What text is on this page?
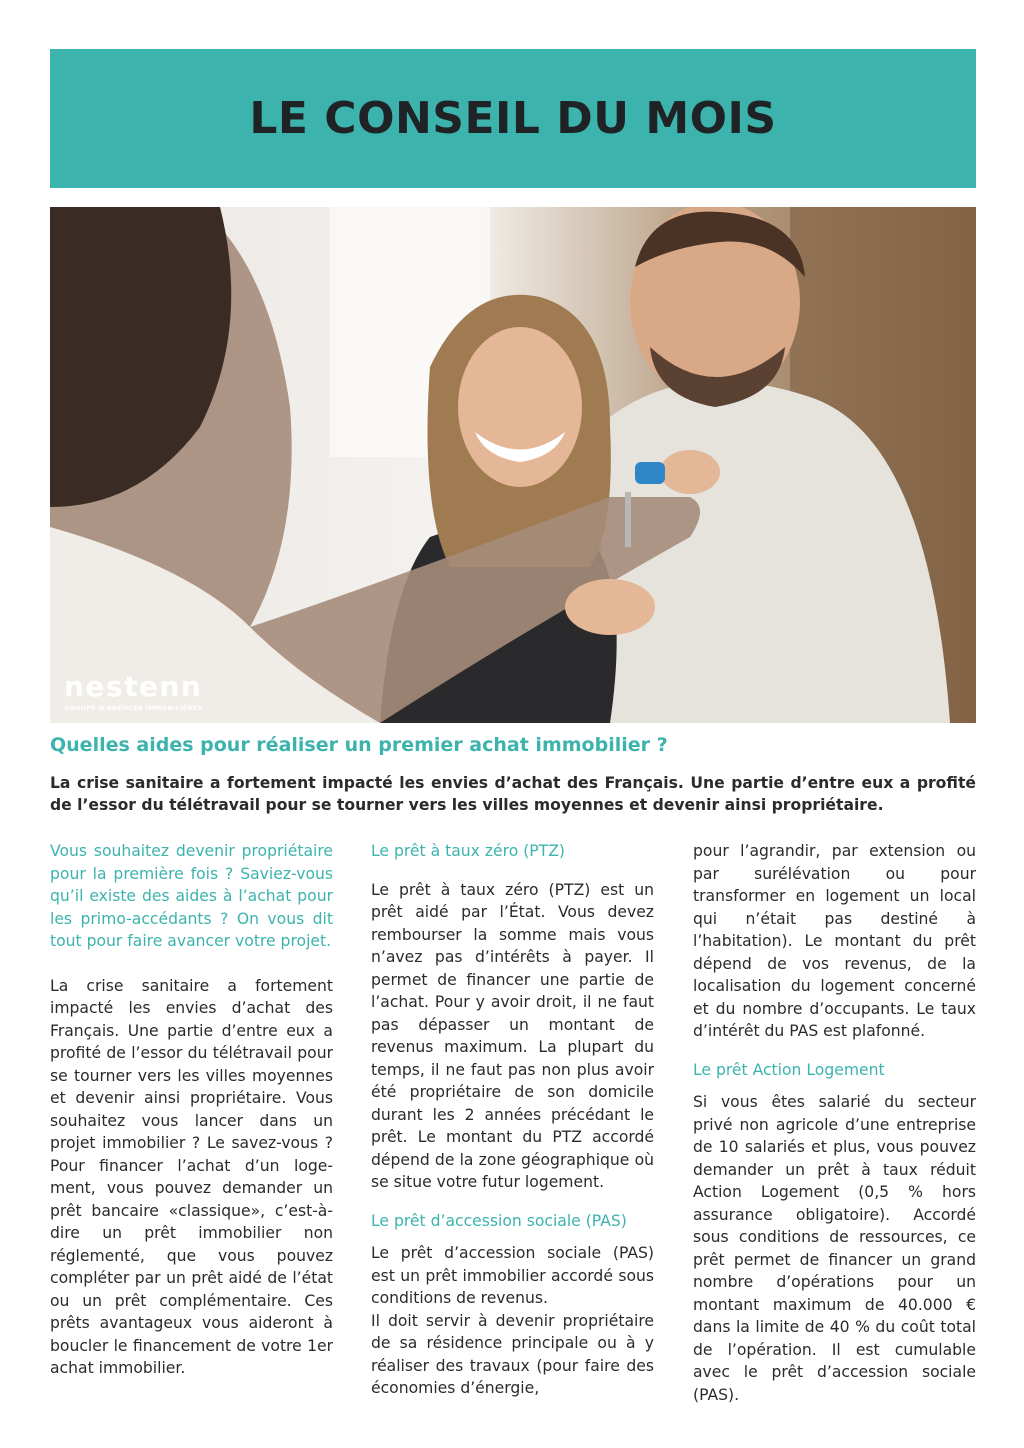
LE CONSEIL DU MOIS
nestenn
GROUPE D'AGENCES IMMOBILIÈRES
Quelles aides pour réaliser un premier achat immobilier ?

La crise sanitaire a fortement impacté les envies d’achat des Français. Une partie d’entre eux a profité de l’essor du télétravail pour se tourner vers les villes moyennes et devenir ainsi propriétaire.

Vous souhaitez devenir propriétaire pour la première fois ? Saviez-vous qu’il existe des aides à l’achat pour les primo-accédants ? On vous dit tout pour faire avancer votre projet.

La crise sanitaire a fortement impacté les envies d’achat des Français. Une partie d’entre eux a profité de l’essor du télétravail pour se tourner vers les villes moyennes et devenir ainsi propriétaire. Vous souhaitez vous lancer dans un projet immobilier ? Le savez-vous ? Pour financer l’achat d’un loge-ment, vous pouvez demander un prêt bancaire «classique», c’est-à-dire un prêt immobilier non réglementé, que vous pouvez compléter par un prêt aidé de l’état ou un prêt complémentaire. Ces prêts avantageux vous aideront à boucler le financement de votre 1er achat immobilier.

Le prêt à taux zéro (PTZ)

Le prêt à taux zéro (PTZ) est un prêt aidé par l’État. Vous devez rembourser la somme mais vous n’avez pas d’intérêts à payer. Il permet de financer une partie de l’achat. Pour y avoir droit, il ne faut pas dépasser un montant de revenus maximum. La plupart du temps, il ne faut pas non plus avoir été propriétaire de son domicile durant les 2 années précédant le prêt. Le montant du PTZ accordé dépend de la zone géographique où se situe votre futur logement.

Le prêt d’accession sociale (PAS)

Le prêt d’accession sociale (PAS) est un prêt immobilier accordé sous conditions de revenus.

Il doit servir à devenir propriétaire de sa résidence principale ou à y réaliser des travaux (pour faire des économies d’énergie,

pour l’agrandir, par extension ou par surélévation ou pour transformer en logement un local qui n’était pas destiné à l’habitation). Le montant du prêt dépend de vos revenus, de la localisation du logement concerné et du nombre d’occupants. Le taux d’intérêt du PAS est plafonné.

Le prêt Action Logement

Si vous êtes salarié du secteur privé non agricole d’une entreprise de 10 salariés et plus, vous pouvez demander un prêt à taux réduit Action Logement (0,5 % hors assurance obligatoire). Accordé sous conditions de ressources, ce prêt permet de financer un grand nombre d’opérations pour un montant maximum de 40.000 € dans la limite de 40 % du coût total de l’opération. Il est cumulable avec le prêt d’accession sociale (PAS).
